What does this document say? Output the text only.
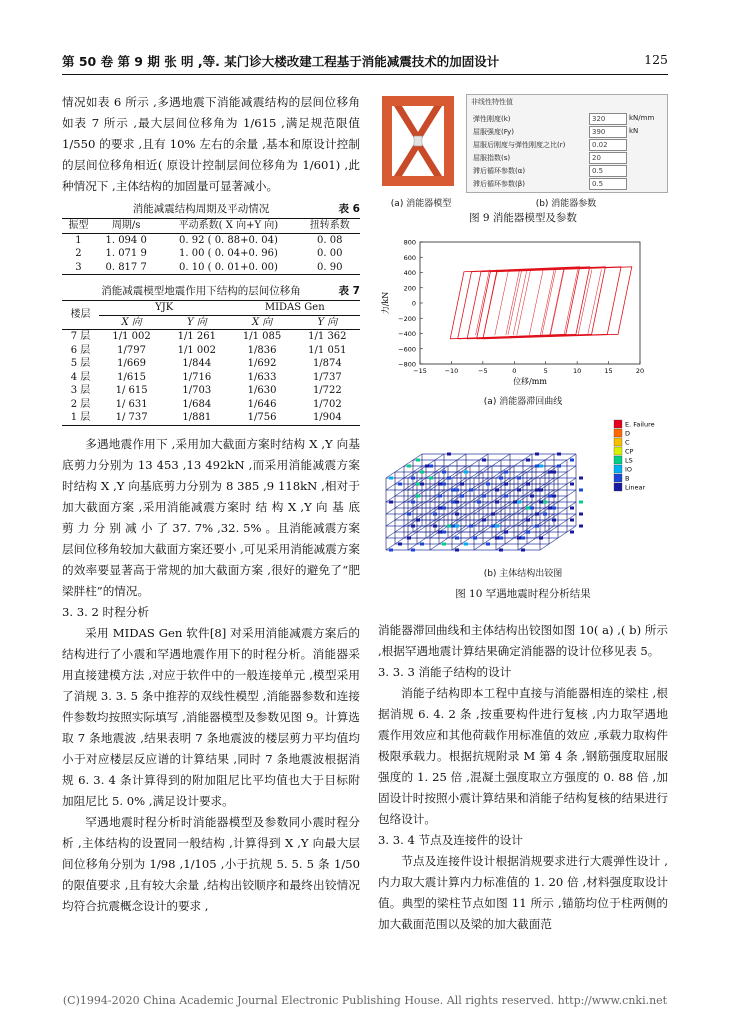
第 50 卷 第 9 期 张 明 ,等. 某门诊大楼改建工程基于消能减震技术的加固设计	125

情况如表 6 所示 ,多遇地震下消能减震结构的层间位移角如表 7 所示 ,最大层间位移角为 1/615 ,满足规范限值 1/550 的要求 ,且有 10% 左右的余量 ,基本和原设计控制的层间位移角相近( 原设计控制层间位移角为 1/601) ,此种情况下 ,主体结构的加固量可显著减小。

消能减震结构周期及平动情况	表 6
振型	周期/s	平动系数( X 向+Y 向)	扭转系数
1	1. 094 0	0. 92 ( 0. 88+0. 04)	0. 08
2	1. 071 9	1. 00 ( 0. 04+0. 96)	0. 00
3	0. 817 7	0. 10 ( 0. 01+0. 00)	0. 90
消能减震模型地震作用下结构的层间位移角	表 7
楼层	YJK		MIDAS Gen	
	X 向	Y 向	X 向	Y 向
7 层	1/1 002	1/1 261	1/1 085	1/1 362
6 层	1/797	1/1 002	1/836	1/1 051
5 层	1/669	1/844	1/692	1/874
4 层	1/615	1/716	1/633	1/737
3 层	1/ 615	1/703	1/630	1/722
2 层	1/ 631	1/684	1/646	1/702
1 层	1/ 737	1/881	1/756	1/904

多遇地震作用下 ,采用加大截面方案时结构 X ,Y 向基底剪力分别为 13 453 ,13 492kN ,而采用消能减震方案时结构 X ,Y 向基底剪力分别为 8 385 ,9 118kN ,相对于加大截面方案 ,采用消能减震方案时 结 构 X ,Y 向 基 底 剪 力 分 别 减 小 了 37. 7% ,32. 5% 。且消能减震方案层间位移角较加大截面方案还要小 ,可见采用消能减震方案的效率要显著高于常规的加大截面方案 ,很好的避免了“肥梁胖柱”的情况。

3. 3. 2 时程分析

采用 MIDAS Gen 软件[8] 对采用消能减震方案后的结构进行了小震和罕遇地震作用下的时程分析。消能器采用直接建模方法 ,对应于软件中的一般连接单元 ,模型采用了消规 3. 3. 5 条中推荐的双线性模型 ,消能器参数和连接件参数均按照实际填写 ,消能器模型及参数见图 9。计算选取 7 条地震波 ,结果表明 7 条地震波的楼层剪力平均值均小于对应楼层反应谱的计算结果 ,同时 7 条地震波根据消规 6. 3. 4 条计算得到的附加阻尼比平均值也大于目标附加阻尼比 5. 0% ,满足设计要求。

罕遇地震时程分析时消能器模型及参数同小震时程分析 ,主体结构的设置同一般结构 ,计算得到 X ,Y 向最大层间位移角分别为 1/98 ,1/105 ,小于抗规 5. 5. 5 条 1/50 的限值要求 ,且有较大余量 ,结构出铰顺序和最终出铰情况均符合抗震概念设计的要求 ,

非线性特性值
弹性刚度(k)	320	kN/mm
屈服强度(Fy)	390	kN
屈服后刚度与弹性刚度之比(r)	0.02
屈服指数(s)	20
滞后循环参数(α)	0.5
滞后循环参数(β)	0.5
(a) 消能器模型	(b) 消能器参数
图 9 消能器模型及参数
800
600
400
200
0
−200
−400
−600
−800
−15	−10	−5	0	5	10	15	20
位移/mm
力/kN
(a) 消能器滞回曲线
E. Failure
D
C
CP
LS
IO
B
Linear
(b) 主体结构出铰图
图 10 罕遇地震时程分析结果

消能器滞回曲线和主体结构出铰图如图 10( a) ,( b) 所示 ,根据罕遇地震计算结果确定消能器的设计位移见表 5。

3. 3. 3 消能子结构的设计

消能子结构即本工程中直接与消能器相连的梁柱 ,根据消规 6. 4. 2 条 ,按重要构件进行复核 ,内力取罕遇地震作用效应和其他荷载作用标准值的效应 ,承载力取构件极限承载力。根据抗规附录 M 第 4 条 ,钢筋强度取屈服强度的 1. 25 倍 ,混凝土强度取立方强度的 0. 88 倍 ,加固设计时按照小震计算结果和消能子结构复核的结果进行包络设计。

3. 3. 4 节点及连接件的设计

节点及连接件设计根据消规要求进行大震弹性设计 ,内力取大震计算内力标准值的 1. 20 倍 ,材料强度取设计值。典型的梁柱节点如图 11 所示 ,锚筋均位于柱两侧的加大截面范围以及梁的加大截面范

(C)1994-2020 China Academic Journal Electronic Publishing House. All rights reserved. http://www.cnki.net
